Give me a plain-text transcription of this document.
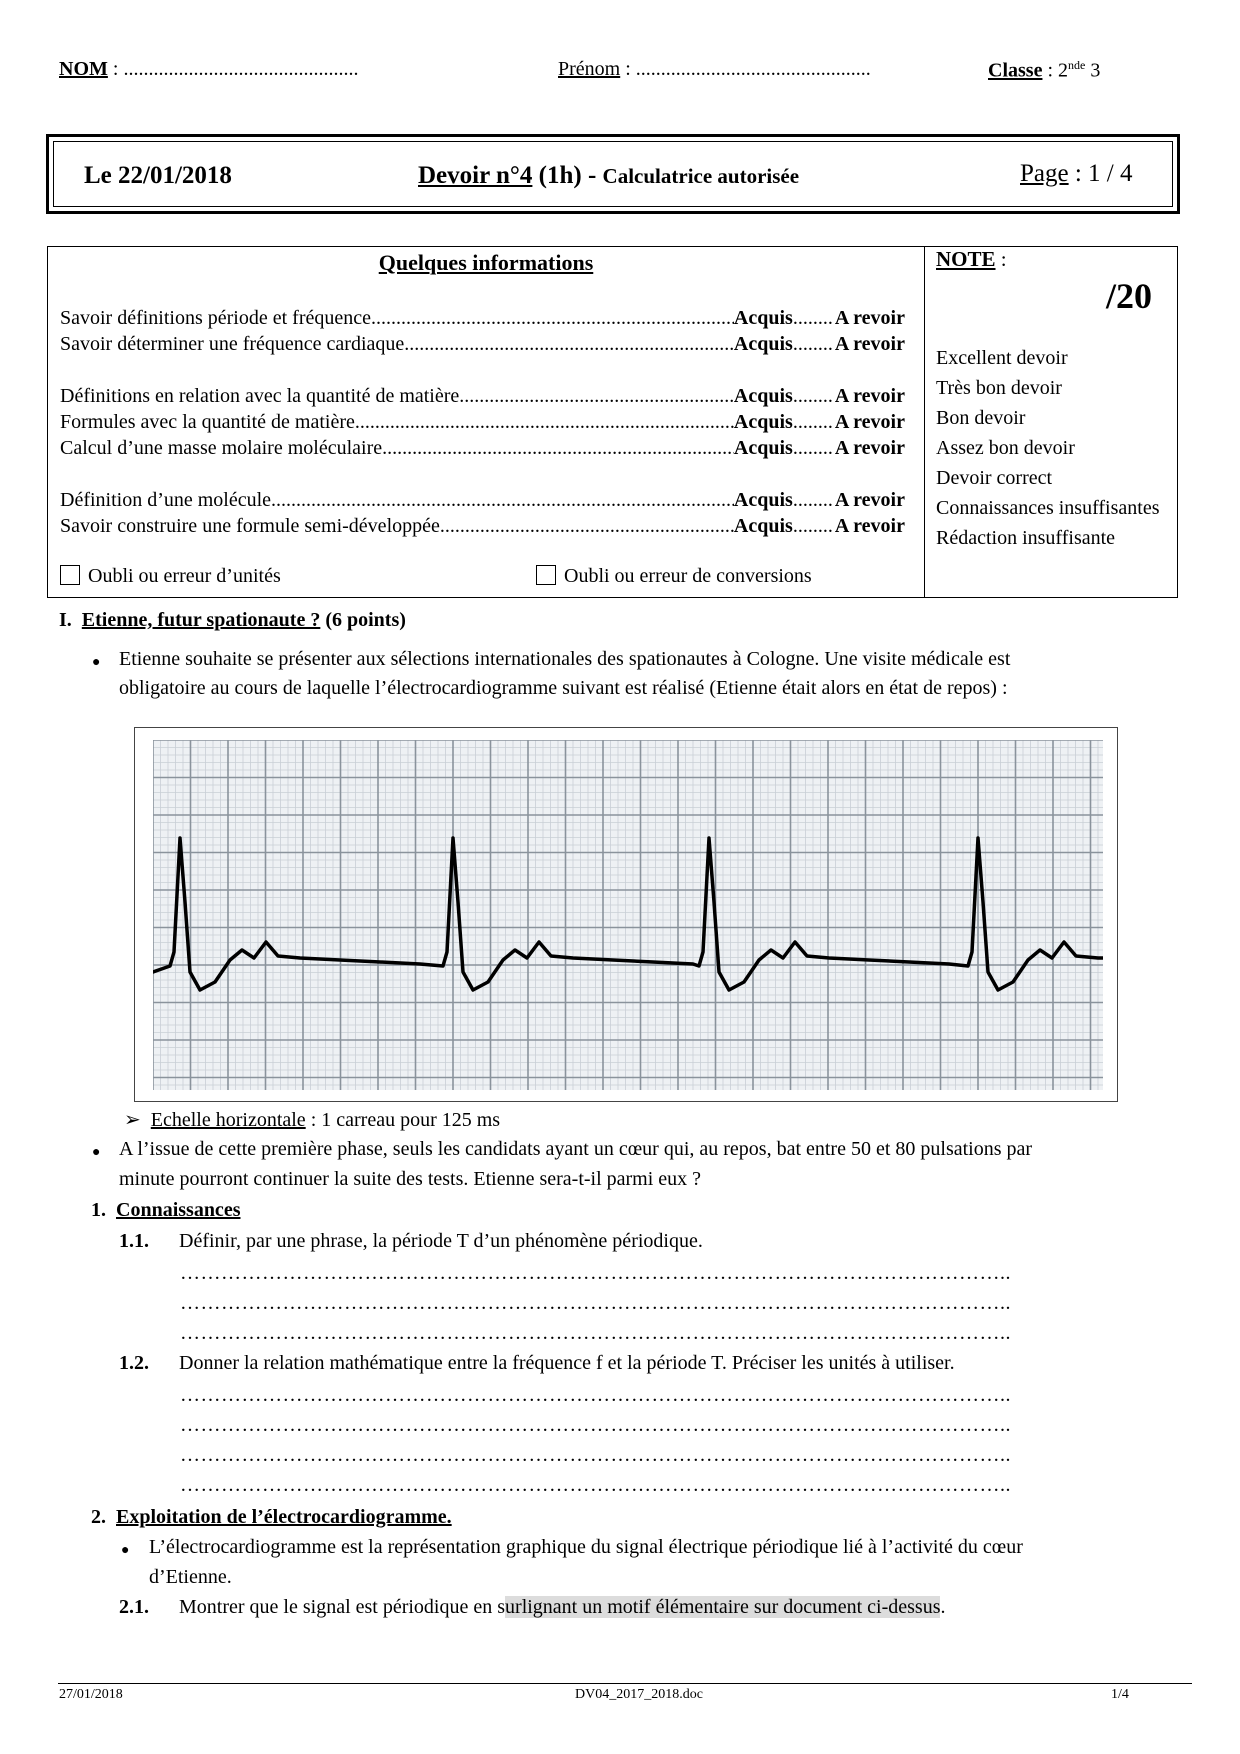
NOM : ...............................................	Prénom : ...............................................	Classe : 2nde 3
Le 22/01/2018	Devoir n°4 (1h) - Calculatrice autorisée	Page : 1 / 4
Quelques informations
Savoir définitions période et fréquence .....	Acquis ........ A revoir
Savoir déterminer une fréquence cardiaque .....	Acquis ........ A revoir
Définitions en relation avec la quantité de matière .....	Acquis ........ A revoir
Formules avec la quantité de matière .....	Acquis ........ A revoir
Calcul d’une masse molaire moléculaire .....	Acquis ........ A revoir
Définition d’une molécule .....	Acquis ........ A revoir
Savoir construire une formule semi-développée .....	Acquis ........ A revoir
Oubli ou erreur d’unités	Oubli ou erreur de conversions
NOTE :
/20
Excellent devoir
Très bon devoir
Bon devoir
Assez bon devoir
Devoir correct
Connaissances insuffisantes
Rédaction insuffisante
I. Etienne, futur spationaute ? (6 points)
● Etienne souhaite se présenter aux sélections internationales des spationautes à Cologne. Une visite médicale est
obligatoire au cours de laquelle l’électrocardiogramme suivant est réalisé (Etienne était alors en état de repos) :
➢ Echelle horizontale : 1 carreau pour 125 ms
● A l’issue de cette première phase, seuls les candidats ayant un cœur qui, au repos, bat entre 50 et 80 pulsations par
minute pourront continuer la suite des tests. Etienne sera-t-il parmi eux ?
1. Connaissances
1.1. Définir, par une phrase, la période T d’un phénomène périodique.
…………………………………………………………………………………………………………..
…………………………………………………………………………………………………………..
…………………………………………………………………………………………………………..
1.2. Donner la relation mathématique entre la fréquence f et la période T. Préciser les unités à utiliser.
…………………………………………………………………………………………………………..
…………………………………………………………………………………………………………..
…………………………………………………………………………………………………………..
…………………………………………………………………………………………………………..
2. Exploitation de l’électrocardiogramme.
● L’électrocardiogramme est la représentation graphique du signal électrique périodique lié à l’activité du cœur
d’Etienne.
2.1. Montrer que le signal est périodique en surlignant un motif élémentaire sur document ci-dessus.
27/01/2018	DV04_2017_2018.doc	1/4
